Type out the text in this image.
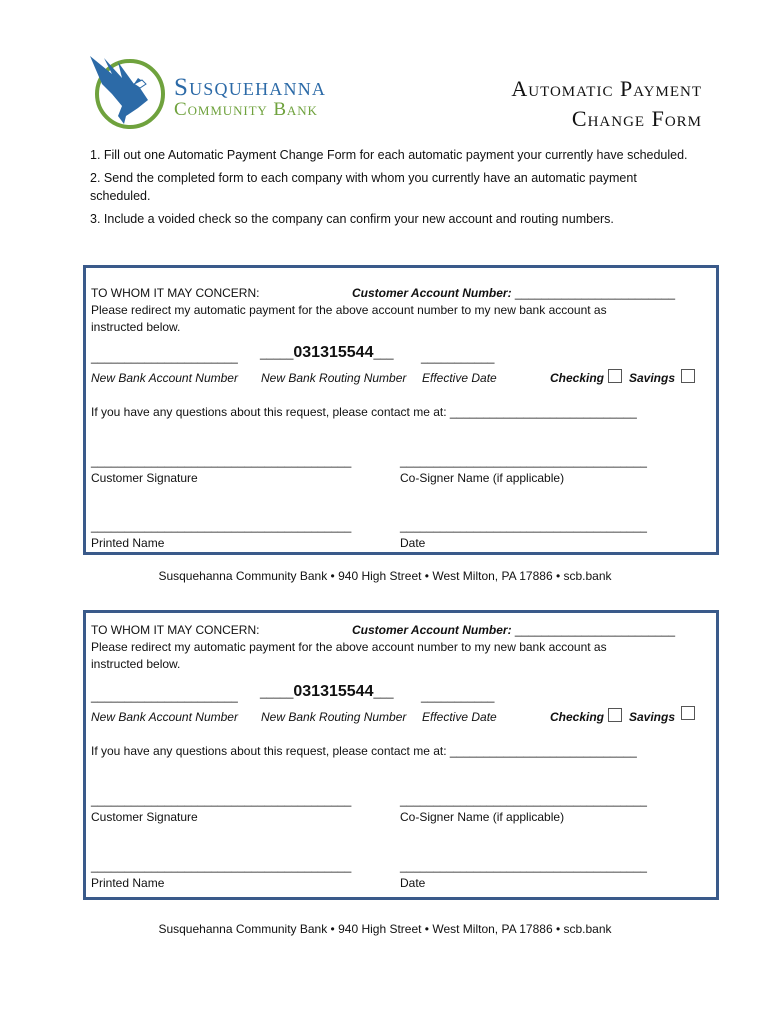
Susquehanna
Community Bank
Automatic Payment
Change Form
1. Fill out one Automatic Payment Change Form for each automatic payment your currently have scheduled.
2. Send the completed form to each company with whom you currently have an automatic payment scheduled.
3. Include a voided check so the company can confirm your new account and routing numbers.
TO WHOM IT MAY CONCERN:	Customer Account Number: ________________________
Please redirect my automatic payment for the above account number to my new bank account as
instructed below.
______________________ _____031315544___ ___________
New Bank Account Number New Bank Routing Number Effective Date	Checking Savings
If you have any questions about this request, please contact me at: ____________________________
_______________________________________	_____________________________________
Customer Signature	Co-Signer Name (if applicable)
_______________________________________	_____________________________________
Printed Name	Date
Susquehanna Community Bank • 940 High Street • West Milton, PA 17886 • scb.bank
TO WHOM IT MAY CONCERN:	Customer Account Number: ________________________
Please redirect my automatic payment for the above account number to my new bank account as
instructed below.
______________________ _____031315544___ ___________
New Bank Account Number New Bank Routing Number Effective Date	Checking Savings
If you have any questions about this request, please contact me at: ____________________________
_______________________________________	_____________________________________
Customer Signature	Co-Signer Name (if applicable)
_______________________________________	_____________________________________
Printed Name	Date
Susquehanna Community Bank • 940 High Street • West Milton, PA 17886 • scb.bank
